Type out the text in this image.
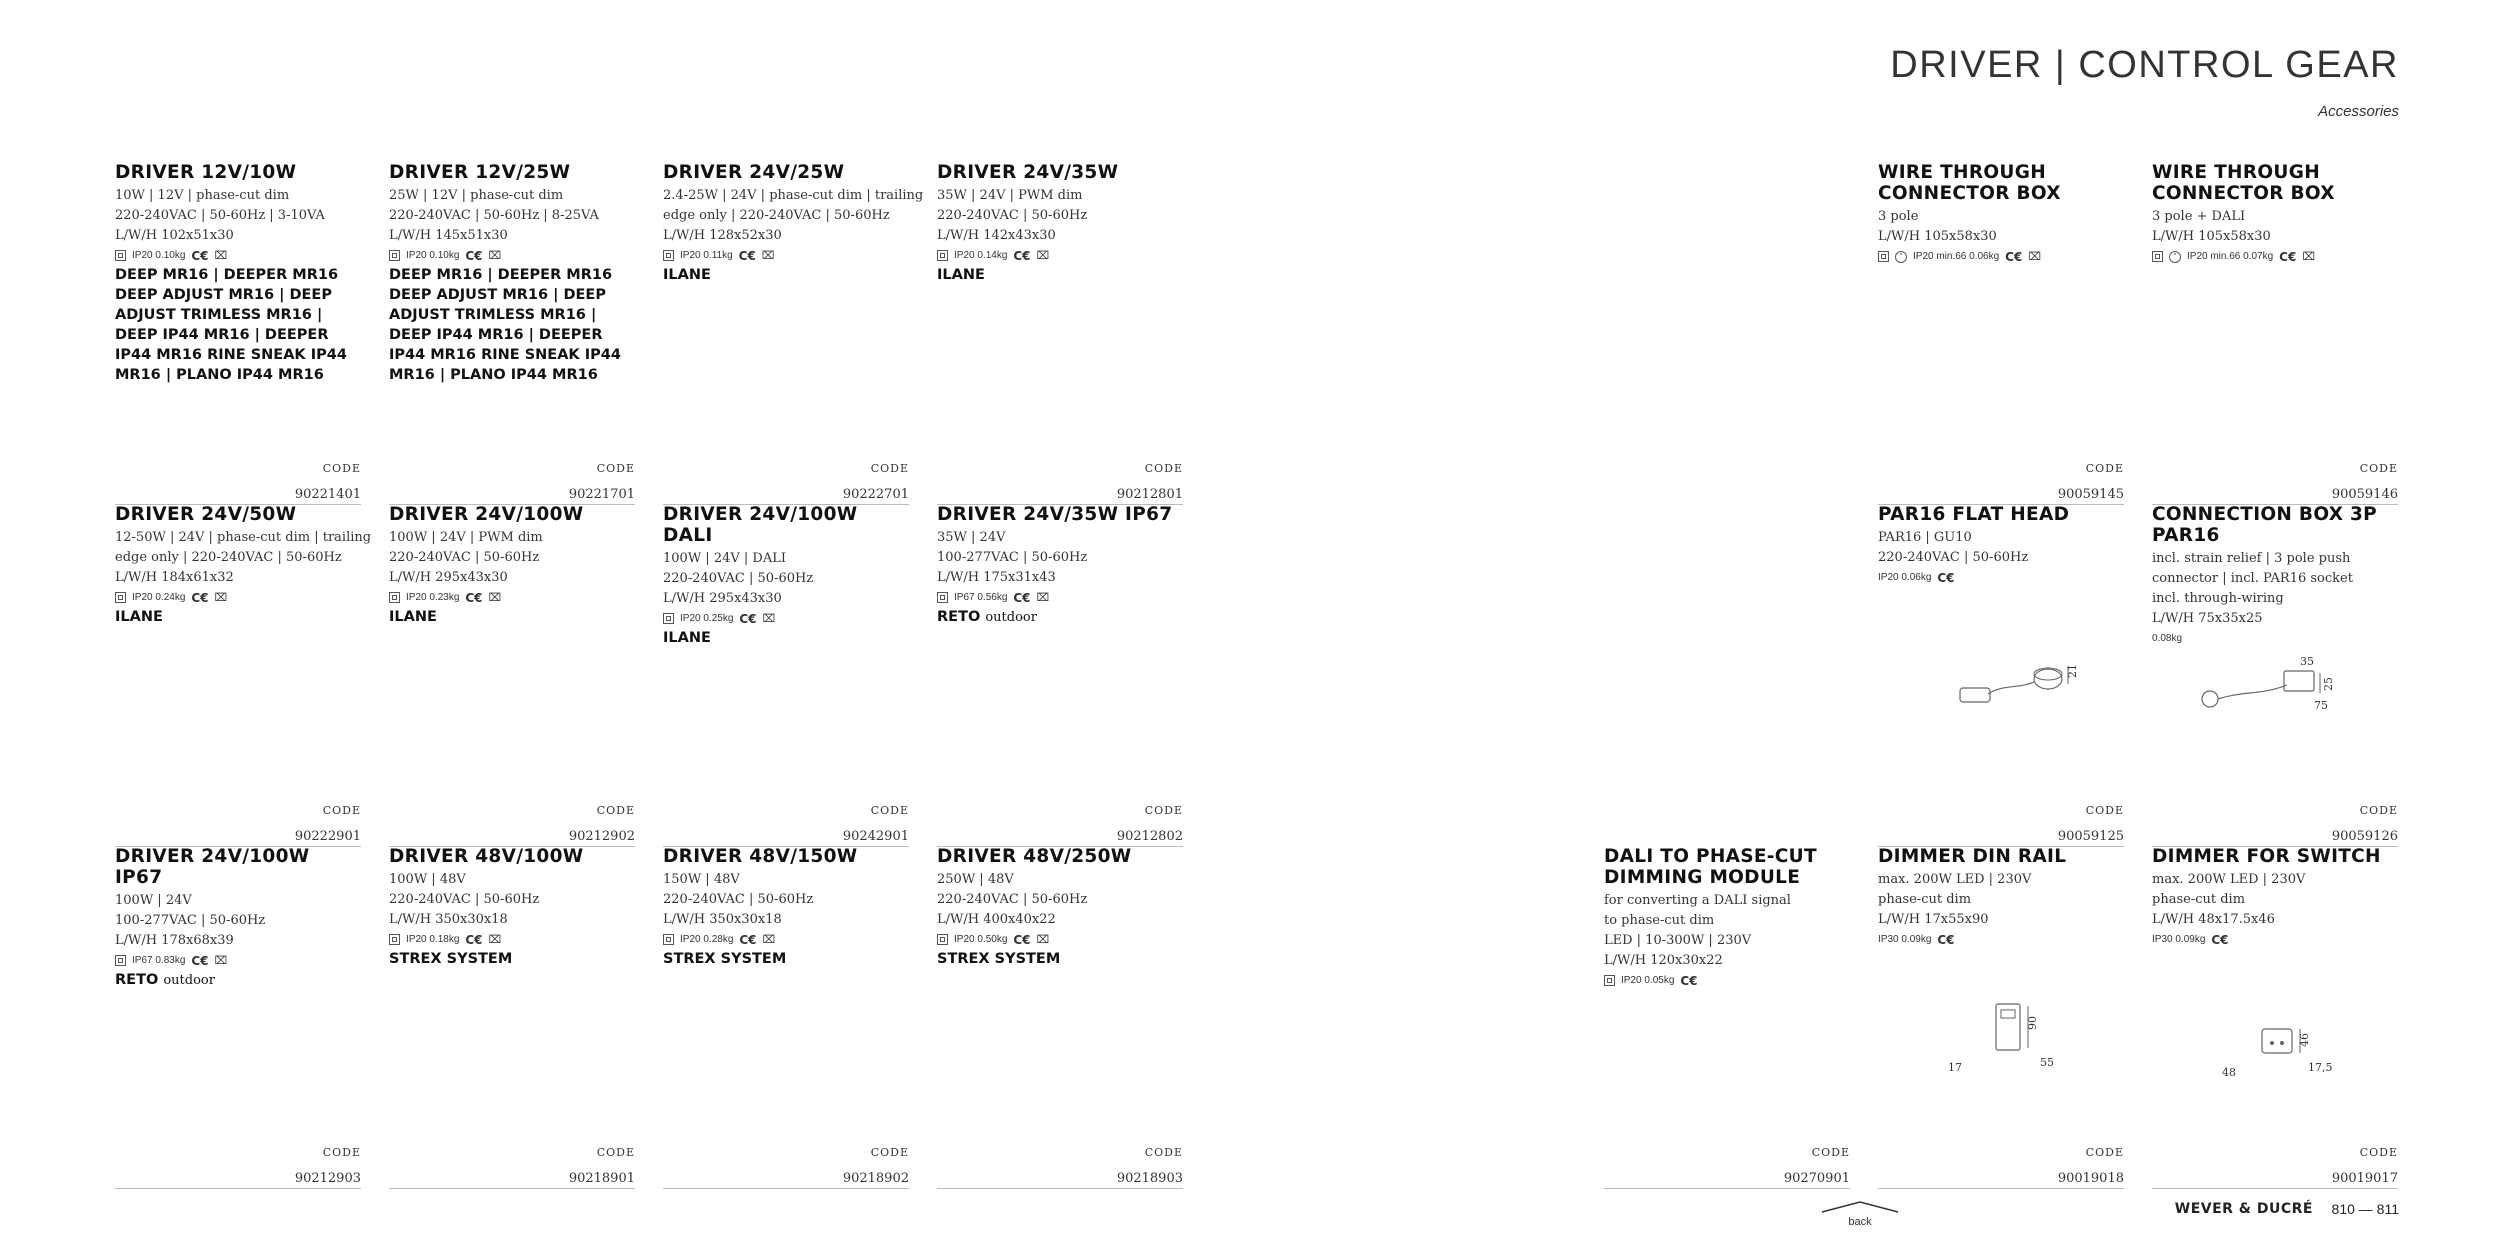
DRIVER | CONTROL GEAR
Accessories
DRIVER 12V/10W
10W | 12V | phase-cut dim
220-240VAC | 50-60Hz | 3-10VA
L/W/H 102x51x30
IP20 0.10kg C€ ⌧
DEEP MR16 | DEEPER MR16 DEEP ADJUST MR16 | DEEP ADJUST TRIMLESS MR16 | DEEP IP44 MR16 | DEEPER IP44 MR16 RINE SNEAK IP44 MR16 | PLANO IP44 MR16
CODE
90221401
DRIVER 12V/25W
25W | 12V | phase-cut dim
220-240VAC | 50-60Hz | 8-25VA
L/W/H 145x51x30
IP20 0.10kg C€ ⌧
DEEP MR16 | DEEPER MR16 DEEP ADJUST MR16 | DEEP ADJUST TRIMLESS MR16 | DEEP IP44 MR16 | DEEPER IP44 MR16 RINE SNEAK IP44 MR16 | PLANO IP44 MR16
CODE
90221701
DRIVER 24V/25W
2.4-25W | 24V | phase-cut dim | trailing
edge only | 220-240VAC | 50-60Hz
L/W/H 128x52x30
IP20 0.11kg C€ ⌧
ILANE
CODE
90222701
DRIVER 24V/35W
35W | 24V | PWM dim
220-240VAC | 50-60Hz
L/W/H 142x43x30
IP20 0.14kg C€ ⌧
ILANE
CODE
90212801
WIRE THROUGH CONNECTOR BOX
3 pole
L/W/H 105x58x30
°	IP20 min.66 0.06kg C€ ⌧
CODE
90059145
WIRE THROUGH CONNECTOR BOX
3 pole + DALI
L/W/H 105x58x30
°	IP20 min.66 0.07kg C€ ⌧
CODE
90059146
DRIVER 24V/50W
12-50W | 24V | phase-cut dim | trailing
edge only | 220-240VAC | 50-60Hz
L/W/H 184x61x32
IP20 0.24kg C€ ⌧
ILANE
CODE
90222901
DRIVER 24V/100W
100W | 24V | PWM dim
220-240VAC | 50-60Hz
L/W/H 295x43x30
IP20 0.23kg C€ ⌧
ILANE
CODE
90212902
DRIVER 24V/100W DALI
100W | 24V | DALI
220-240VAC | 50-60Hz
L/W/H 295x43x30
IP20 0.25kg C€ ⌧
ILANE
CODE
90242901
DRIVER 24V/35W IP67
35W | 24V
100-277VAC | 50-60Hz
L/W/H 175x31x43
IP67 0.56kg C€ ⌧
RETO outdoor
CODE
90212802
PAR16 FLAT HEAD
PAR16 | GU10
220-240VAC | 50-60Hz
IP20 0.06kg C€
21
CODE
90059125
CONNECTION BOX 3P PAR16
incl. strain relief | 3 pole push
connector | incl. PAR16 socket
incl. through-wiring
L/W/H 75x35x25
0.08kg
35
25
75
CODE
90059126
DRIVER 24V/100W IP67
100W | 24V
100-277VAC | 50-60Hz
L/W/H 178x68x39
IP67 0.83kg C€ ⌧
RETO outdoor
CODE
90212903
DRIVER 48V/100W
100W | 48V
220-240VAC | 50-60Hz
L/W/H 350x30x18
IP20 0.18kg C€ ⌧
STREX SYSTEM
CODE
90218901
DRIVER 48V/150W
150W | 48V
220-240VAC | 50-60Hz
L/W/H 350x30x18
IP20 0.28kg C€ ⌧
STREX SYSTEM
CODE
90218902
DRIVER 48V/250W
250W | 48V
220-240VAC | 50-60Hz
L/W/H 400x40x22
IP20 0.50kg C€ ⌧
STREX SYSTEM
CODE
90218903
DALI TO PHASE-CUT DIMMING MODULE
for converting a DALI signal
to phase-cut dim
LED | 10-300W | 230V
L/W/H 120x30x22
IP20 0.05kg C€
CODE
90270901
DIMMER DIN RAIL
max. 200W LED | 230V
phase-cut dim
L/W/H 17x55x90
IP30 0.09kg C€
90
17	55
CODE
90019018
DIMMER FOR SWITCH
max. 200W LED | 230V
phase-cut dim
L/W/H 48x17.5x46
IP30 0.09kg C€
46
48	17,5
CODE
90019017
back
WEVER & DUCRÉ 810 — 811
